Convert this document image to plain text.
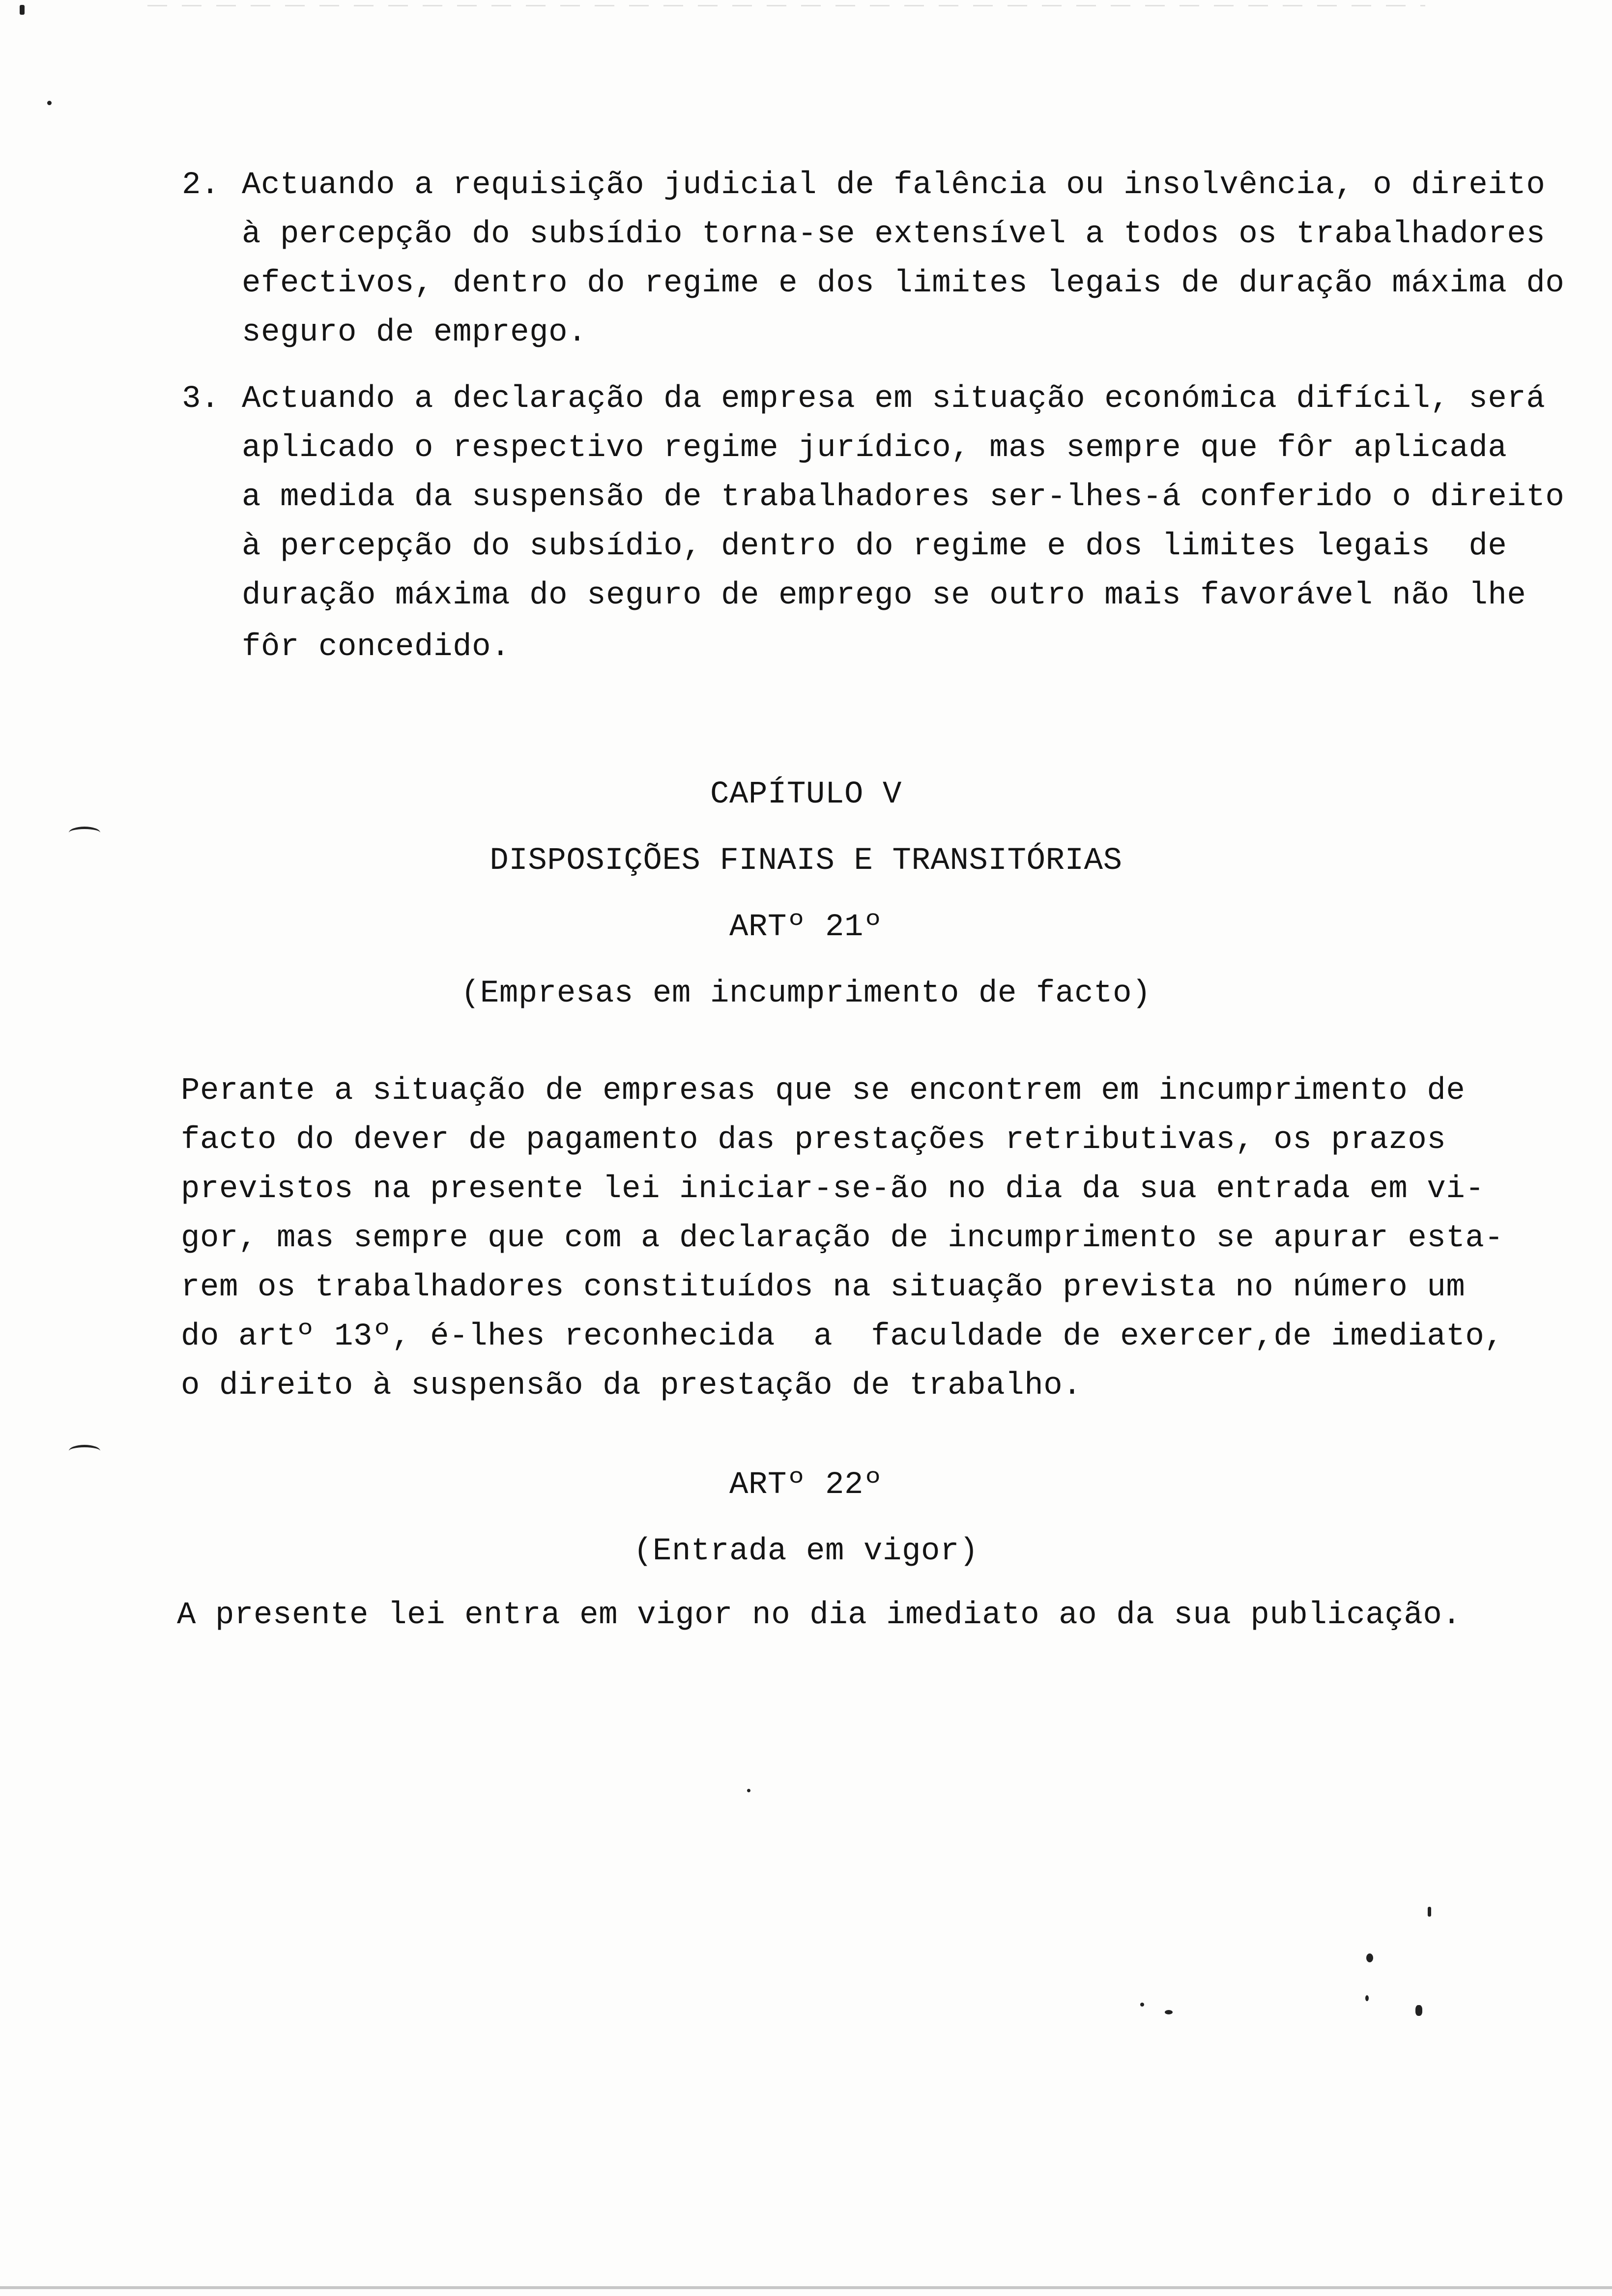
2. Actuando a requisição judicial de falência ou insolvência, o direito
à percepção do subsídio torna-se extensível a todos os trabalhadores
efectivos, dentro do regime e dos limites legais de duração máxima do
seguro de emprego.
3. Actuando a declaração da empresa em situação económica difícil, será
aplicado o respectivo regime jurídico, mas sempre que fôr aplicada
a medida da suspensão de trabalhadores ser-lhes-á conferido o direito
à percepção do subsídio, dentro do regime e dos limites legais  de
duração máxima do seguro de emprego se outro mais favorável não lhe
fôr concedido.
CAPÍTULO V
DISPOSIÇÕES FINAIS E TRANSITÓRIAS
ARTº 21º
(Empresas em incumprimento de facto)
Perante a situação de empresas que se encontrem em incumprimento de
facto do dever de pagamento das prestações retributivas, os prazos
previstos na presente lei iniciar-se-ão no dia da sua entrada em vi-
gor, mas sempre que com a declaração de incumprimento se apurar esta-
rem os trabalhadores constituídos na situação prevista no número um
do artº 13º, é-lhes reconhecida  a  faculdade de exercer,de imediato,
o direito à suspensão da prestação de trabalho.
ARTº 22º
(Entrada em vigor)
A presente lei entra em vigor no dia imediato ao da sua publicação.
